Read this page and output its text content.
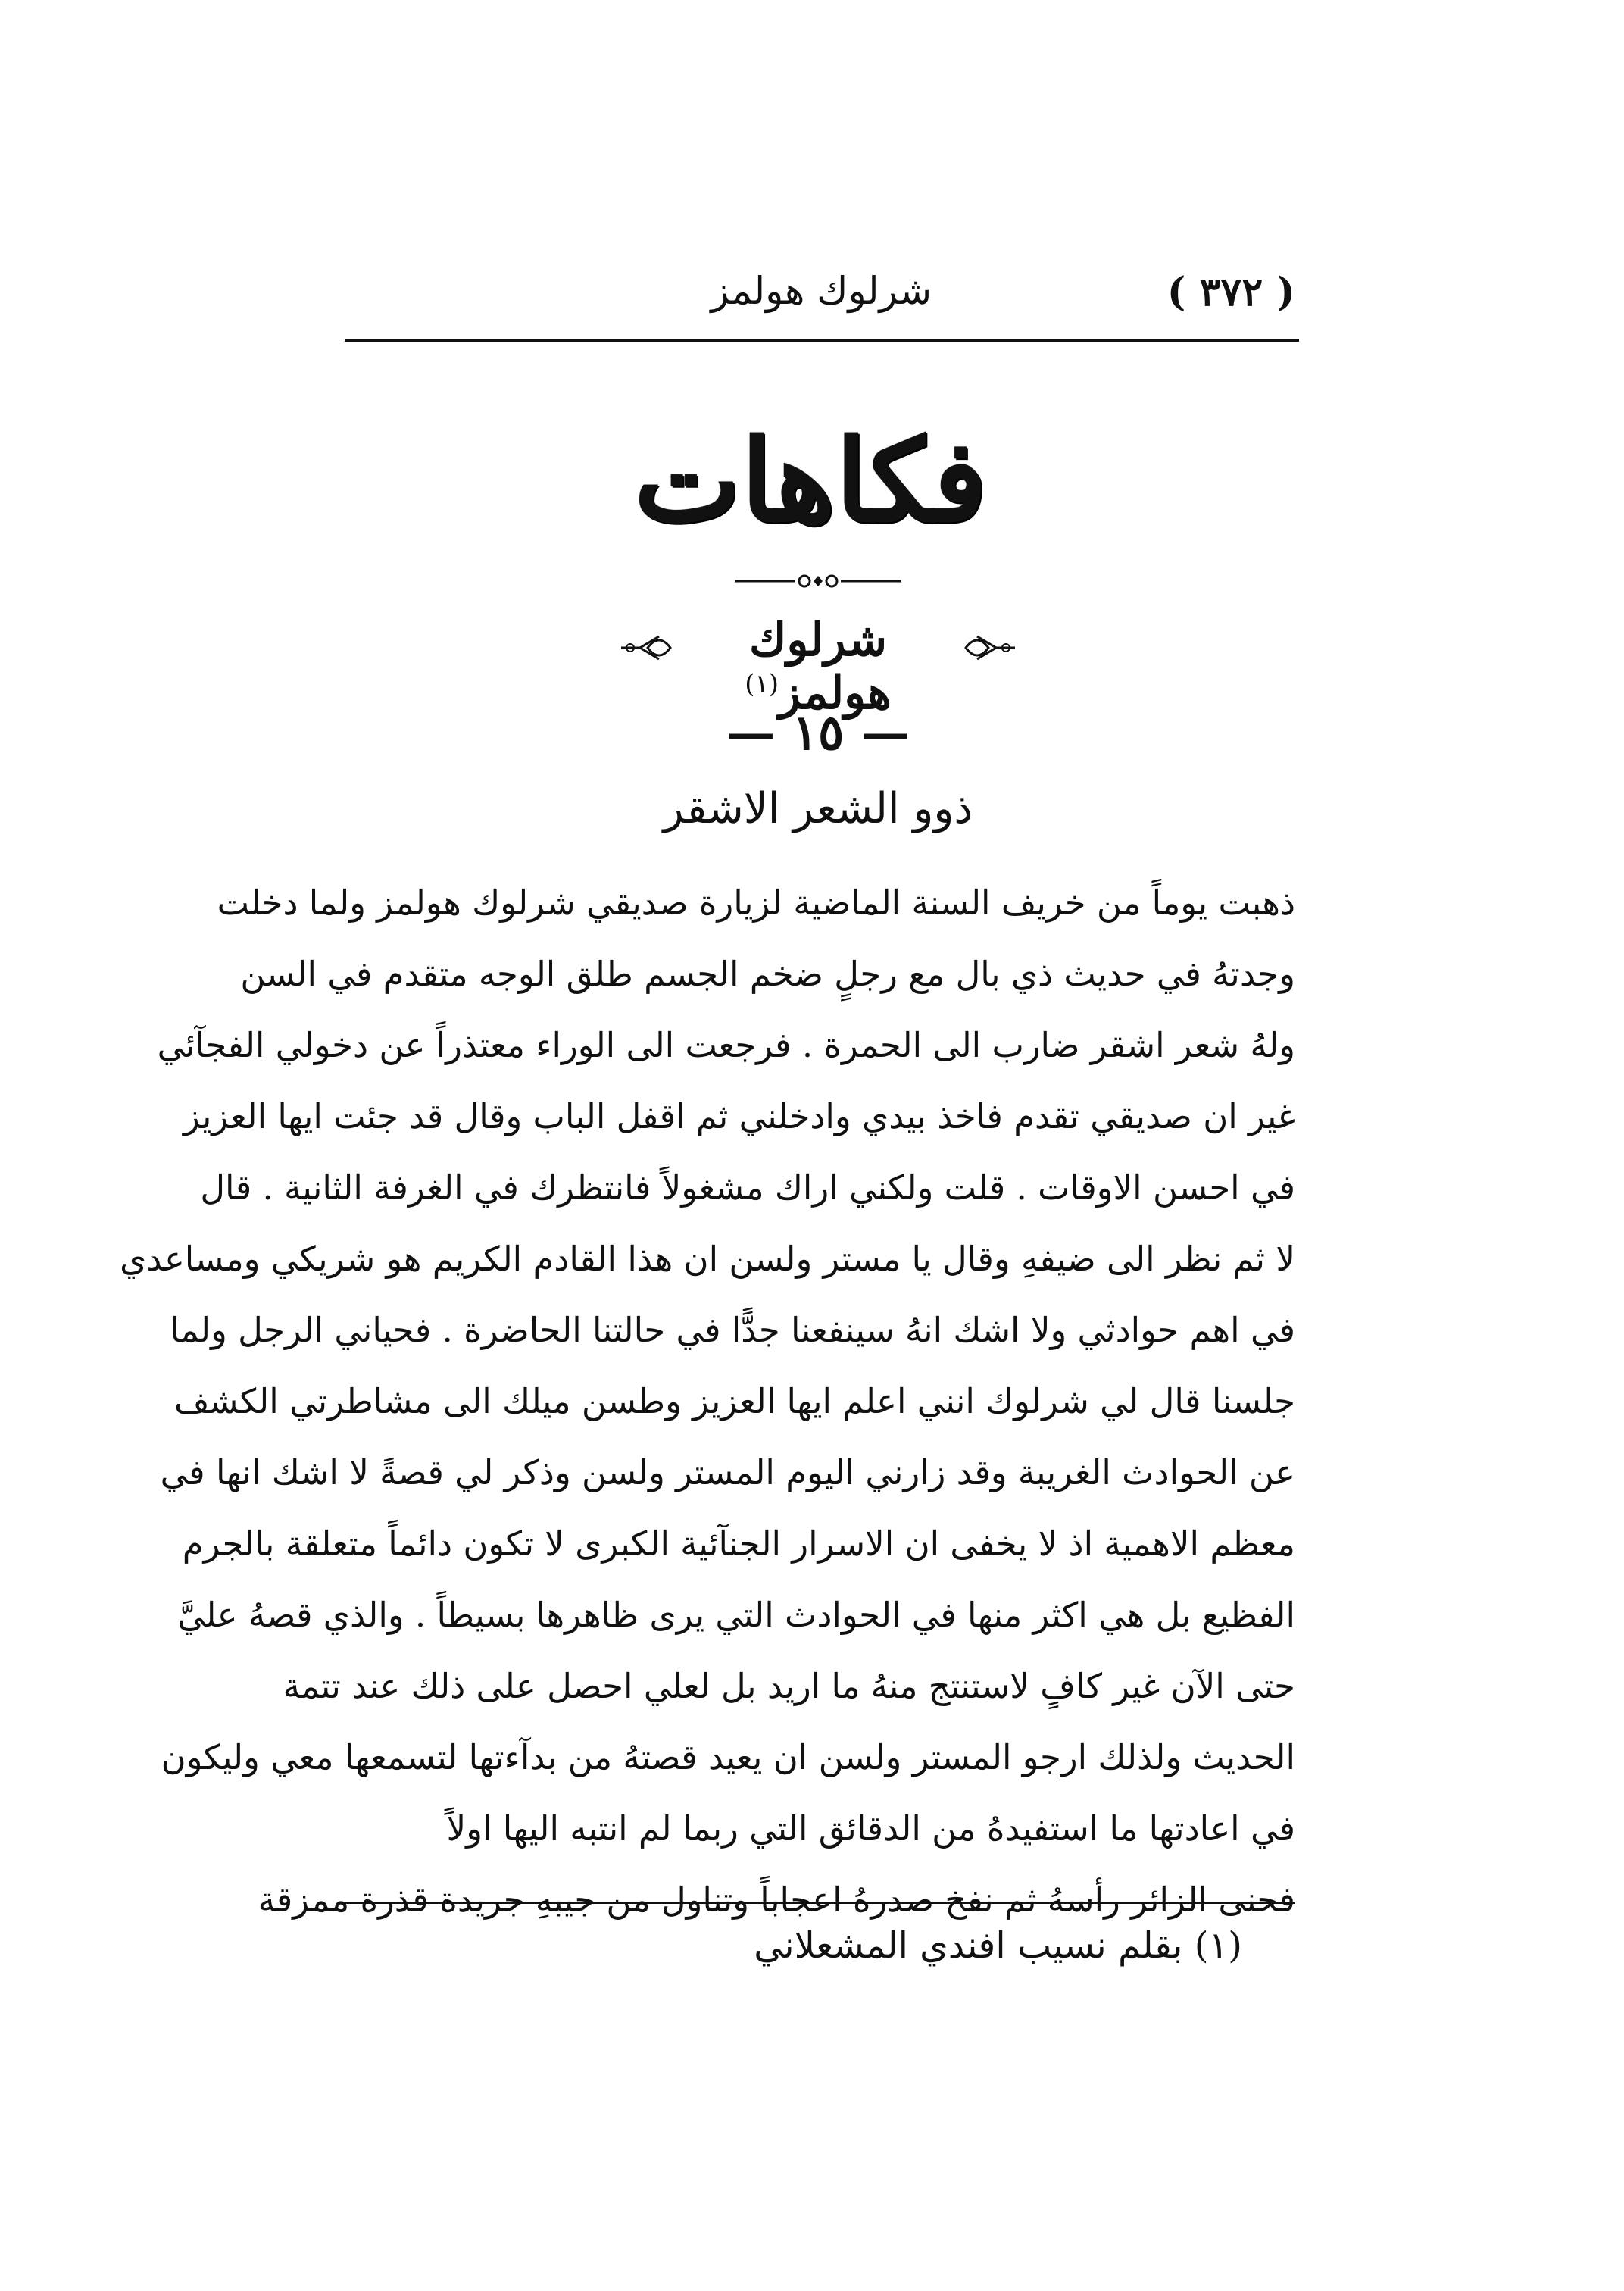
( ٣٧٢ )
شرلوك هولمز
فكاهات
شرلوك هولمز$^{(١)}$
— ١٥ —
ذوو الشعر الاشقر
ذهبت يوماً من خريف السنة الماضية لزيارة صديقي شرلوك هولمز ولما دخلت
وجدتهُ في حديث ذي بال مع رجلٍ ضخم الجسم طلق الوجه متقدم في السن
ولهُ شعر اشقر ضارب الى الحمرة . فرجعت الى الوراء معتذراً عن دخولي الفجآئي
غير ان صديقي تقدم فاخذ بيدي وادخلني ثم اقفل الباب وقال قد جئت ايها العزيز
في احسن الاوقات . قلت ولكني اراك مشغولاً فانتظرك في الغرفة الثانية . قال
لا ثم نظر الى ضيفهِ وقال يا مستر ولسن ان هذا القادم الكريم هو شريكي ومساعدي
في اهم حوادثي ولا اشك انهُ سينفعنا جدًّا في حالتنا الحاضرة . فحياني الرجل ولما
جلسنا قال لي شرلوك انني اعلم ايها العزيز وطسن ميلك الى مشاطرتي الكشف
عن الحوادث الغريبة وقد زارني اليوم المستر ولسن وذكر لي قصةً لا اشك انها في
معظم الاهمية اذ لا يخفى ان الاسرار الجنآئية الكبرى لا تكون دائماً متعلقة بالجرم
الفظيع بل هي اكثر منها في الحوادث التي يرى ظاهرها بسيطاً . والذي قصهُ عليَّ
حتى الآن غير كافٍ لاستنتج منهُ ما اريد بل لعلي احصل على ذلك عند تتمة
الحديث ولذلك ارجو المستر ولسن ان يعيد قصتهُ من بدآءتها لتسمعها معي وليكون
في اعادتها ما استفيدهُ من الدقائق التي ربما لم انتبه اليها اولاً
فحنى الزائر رأسهُ ثم نفخ صدرهُ اعجاباً وتناول من جيبهِ جريدة قذرة ممزقة
(١) بقلم نسيب افندي المشعلاني
